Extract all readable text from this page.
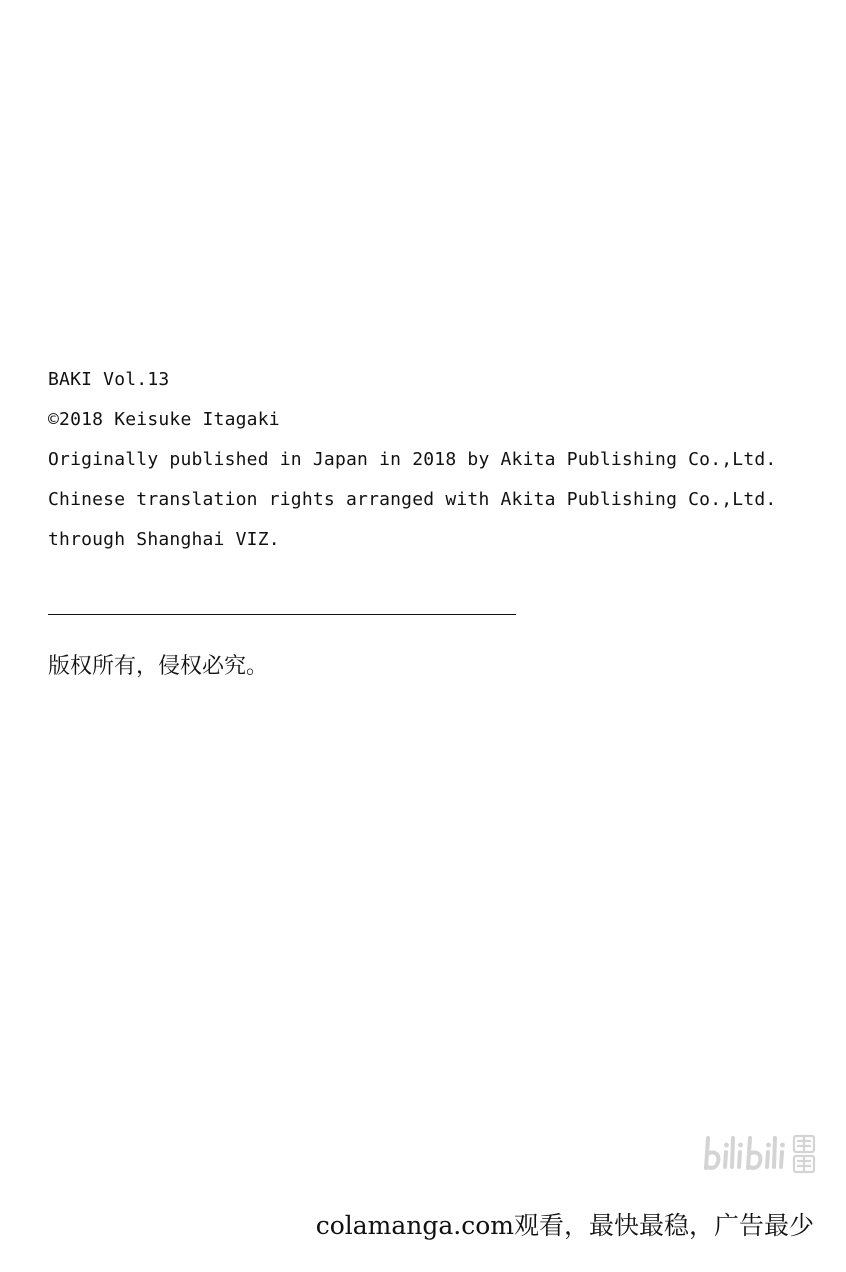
BAKI Vol.13
©2018 Keisuke Itagaki
Originally published in Japan in 2018 by Akita Publishing Co.,Ltd.
Chinese translation rights arranged with Akita Publishing Co.,Ltd.
through Shanghai VIZ.
版权所有，侵权必究。
colamanga.com观看，最快最稳，广告最少
